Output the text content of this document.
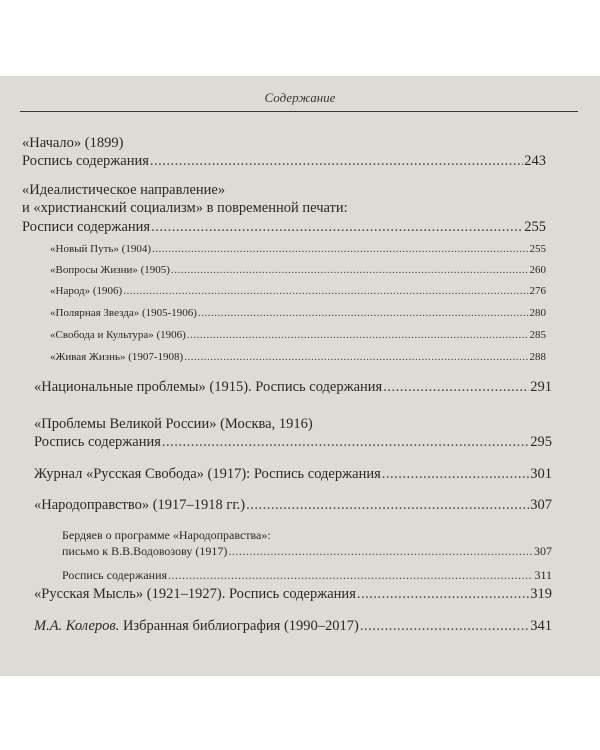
Содержание
«Начало» (1899)
Роспись содержания .....	243
«Идеалистическое направление»
и «христианский социализм» в повременной печати:
Росписи содержания .....	255
«Новый Путь» (1904) .....	255
«Вопросы Жизни» (1905) .....	260
«Народ» (1906) .....	276
«Полярная Звезда» (1905-1906) .....	280
«Свобода и Культура» (1906) .....	285
«Живая Жизнь» (1907-1908) .....	288
«Национальные проблемы» (1915). Роспись содержания .....	291
«Проблемы Великой России» (Москва, 1916)
Роспись содержания .....	295
Журнал «Русская Свобода» (1917): Роспись содержания .....	301
«Народоправство» (1917–1918 гг.) .....	307
Бердяев о программе «Народоправства»:
письмо к В.В.Водовозову (1917) .....	307
Роспись содержания .....	311
«Русская Мысль» (1921–1927). Роспись содержания .....	319
М.А. Колеров. Избранная библиография (1990–2017) .....	341
